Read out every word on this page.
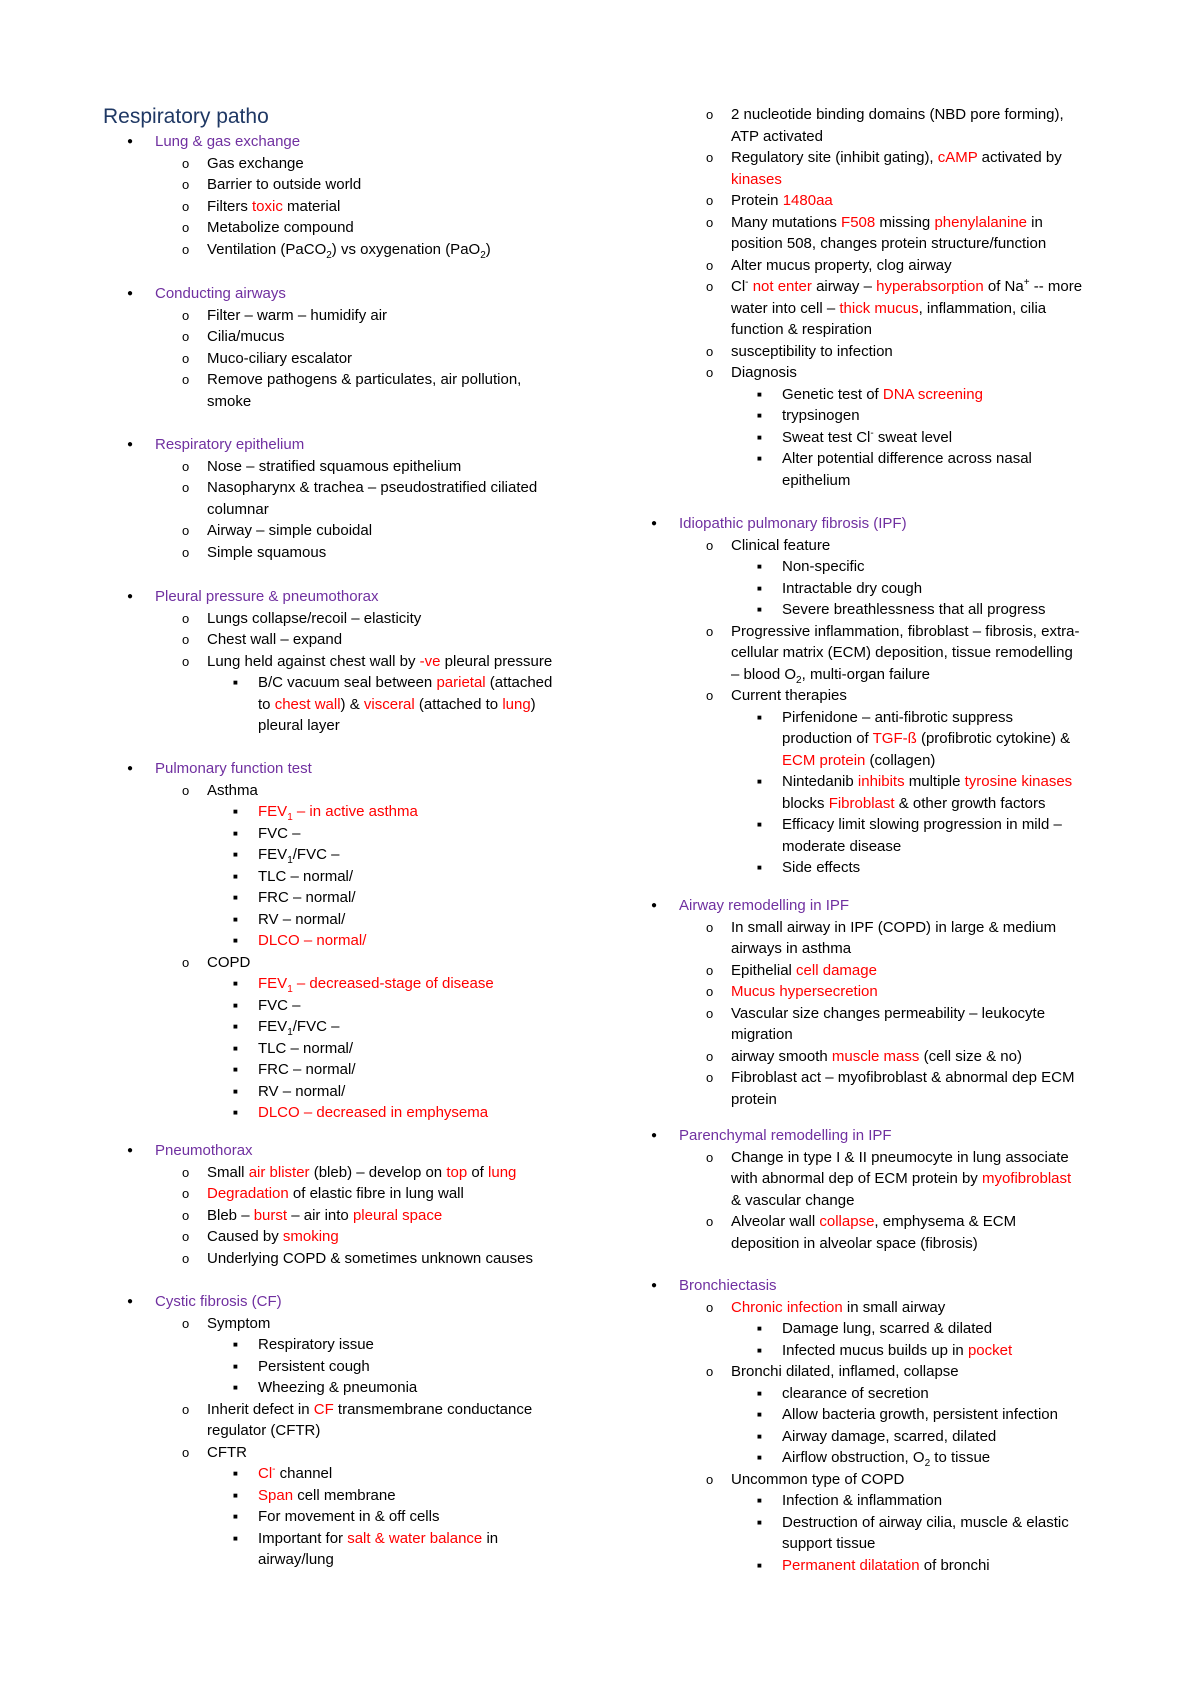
Respiratory patho
● Lung & gas exchange
o Gas exchange
o Barrier to outside world
o Filters toxic material
o Metabolize compound
o Ventilation (PaCO$_2$) vs oxygenation (PaO$_2$)
● Conducting airways
o Filter – warm – humidify air
o Cilia/mucus
o Muco-ciliary escalator
o Remove pathogens & particulates, air pollution,
smoke
● Respiratory epithelium
o Nose – stratified squamous epithelium
o Nasopharynx & trachea – pseudostratified ciliated
columnar
o Airway – simple cuboidal
o Simple squamous
● Pleural pressure & pneumothorax
o Lungs collapse/recoil – elasticity
o Chest wall – expand
o Lung held against chest wall by -ve pleural pressure
■ B/C vacuum seal between parietal (attached
to chest wall) & visceral (attached to lung)
pleural layer
● Pulmonary function test
o Asthma
■ $FEV_1$ – in active asthma
■ FVC –
■ $FEV_1$/FVC –
■ TLC – normal/
■ FRC – normal/
■ RV – normal/
■ DLCO – normal/
o COPD
■ $FEV_1$ – decreased-stage of disease
■ FVC –
■ $FEV_1$/FVC –
■ TLC – normal/
■ FRC – normal/
■ RV – normal/
■ DLCO – decreased in emphysema
● Pneumothorax
o Small air blister (bleb) – develop on top of lung
o Degradation of elastic fibre in lung wall
o Bleb – burst – air into pleural space
o Caused by smoking
o Underlying COPD & sometimes unknown causes
● Cystic fibrosis (CF)
o Symptom
■ Respiratory issue
■ Persistent cough
■ Wheezing & pneumonia
o Inherit defect in CF transmembrane conductance
regulator (CFTR)
o CFTR
■ Cl- channel
■ Span cell membrane
■ For movement in & off cells
■ Important for salt & water balance in
airway/lung
o 2 nucleotide binding domains (NBD pore forming),
ATP activated
o Regulatory site (inhibit gating), cAMP activated by
kinases
o Protein 1480aa
o Many mutations F508 missing phenylalanine in
position 508, changes protein structure/function
o Alter mucus property, clog airway
o Cl- not enter airway – hyperabsorption of Na+ -- more
water into cell – thick mucus, inflammation, cilia
function & respiration
o susceptibility to infection
o Diagnosis
■ Genetic test of DNA screening
■ trypsinogen
■ Sweat test Cl- sweat level
■ Alter potential difference across nasal
epithelium
● Idiopathic pulmonary fibrosis (IPF)
o Clinical feature
■ Non-specific
■ Intractable dry cough
■ Severe breathlessness that all progress
o Progressive inflammation, fibroblast – fibrosis, extra-
cellular matrix (ECM) deposition, tissue remodelling
– blood $O_2$, multi-organ failure
o Current therapies
■ Pirfenidone – anti-fibrotic suppress
production of TGF-ß (profibrotic cytokine) &
ECM protein (collagen)
■ Nintedanib inhibits multiple tyrosine kinases
blocks Fibroblast & other growth factors
■ Efficacy limit slowing progression in mild –
moderate disease
■ Side effects
● Airway remodelling in IPF
o In small airway in IPF (COPD) in large & medium
airways in asthma
o Epithelial cell damage
o Mucus hypersecretion
o Vascular size changes permeability – leukocyte
migration
o airway smooth muscle mass (cell size & no)
o Fibroblast act – myofibroblast & abnormal dep ECM
protein
● Parenchymal remodelling in IPF
o Change in type I & II pneumocyte in lung associate
with abnormal dep of ECM protein by myofibroblast
& vascular change
o Alveolar wall collapse, emphysema & ECM
deposition in alveolar space (fibrosis)
● Bronchiectasis
o Chronic infection in small airway
■ Damage lung, scarred & dilated
■ Infected mucus builds up in pocket
o Bronchi dilated, inflamed, collapse
■ clearance of secretion
■ Allow bacteria growth, persistent infection
■ Airway damage, scarred, dilated
■ Airflow obstruction, $O_2$ to tissue
o Uncommon type of COPD
■ Infection & inflammation
■ Destruction of airway cilia, muscle & elastic
support tissue
■ Permanent dilatation of bronchi
